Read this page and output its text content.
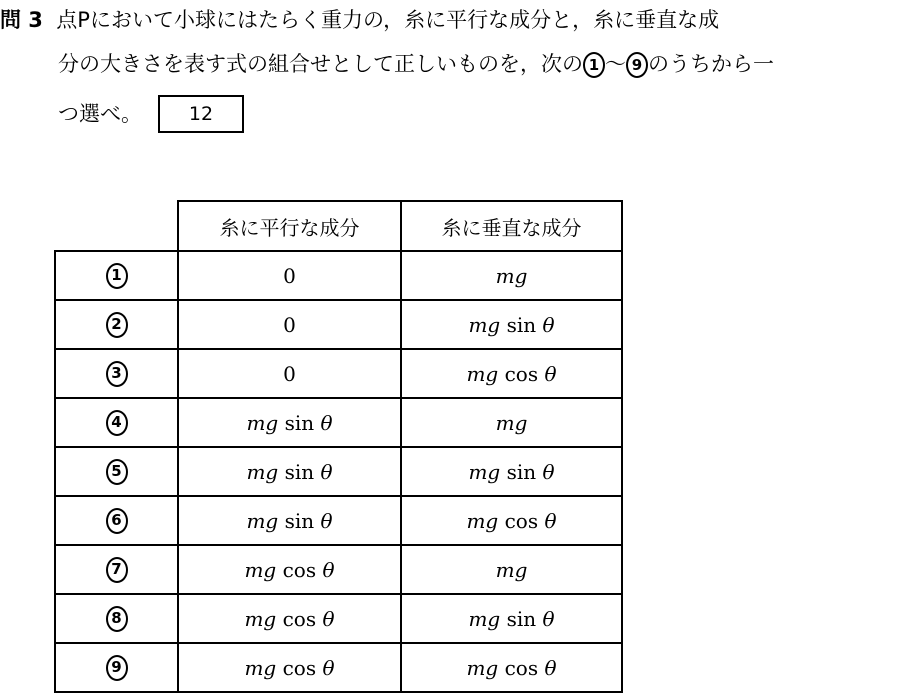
問 3 点Pにおいて小球にはたらく重力の，糸に平行な成分と，糸に垂直な成
分の大きさを表す式の組合せとして正しいものを，次の 1 ～ 9 のうちから一
つ選べ。 12
	糸に平行な成分	糸に垂直な成分
1	0	mg
2	0	mg sin θ
3	0	mg cos θ
4	mg sin θ	mg
5	mg sin θ	mg sin θ
6	mg sin θ	mg cos θ
7	mg cos θ	mg
8	mg cos θ	mg sin θ
9	mg cos θ	mg cos θ
